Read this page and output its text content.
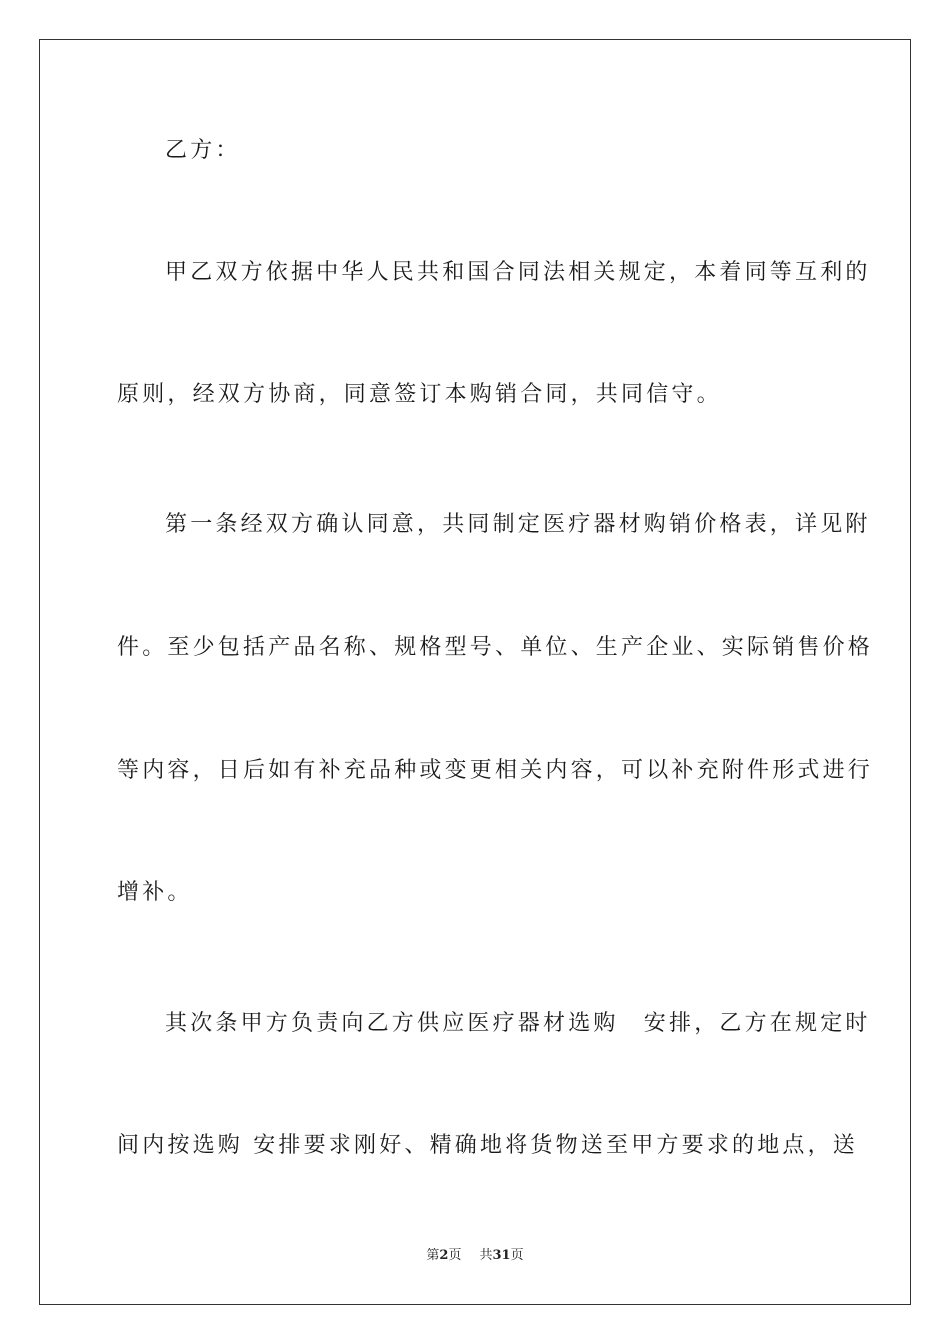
乙方：
甲乙双方依据中华人民共和国合同法相关规定，本着同等互利的
原则，经双方协商，同意签订本购销合同，共同信守。
第一条经双方确认同意，共同制定医疗器材购销价格表，详见附
件。至少包括产品名称、规格型号、单位、生产企业、实际销售价格
等内容，日后如有补充品种或变更相关内容，可以补充附件形式进行
增补。
其次条甲方负责向乙方供应医疗器材选购　安排，乙方在规定时
间内按选购 安排要求刚好、精确地将货物送至甲方要求的地点，送
第2页 共31页
